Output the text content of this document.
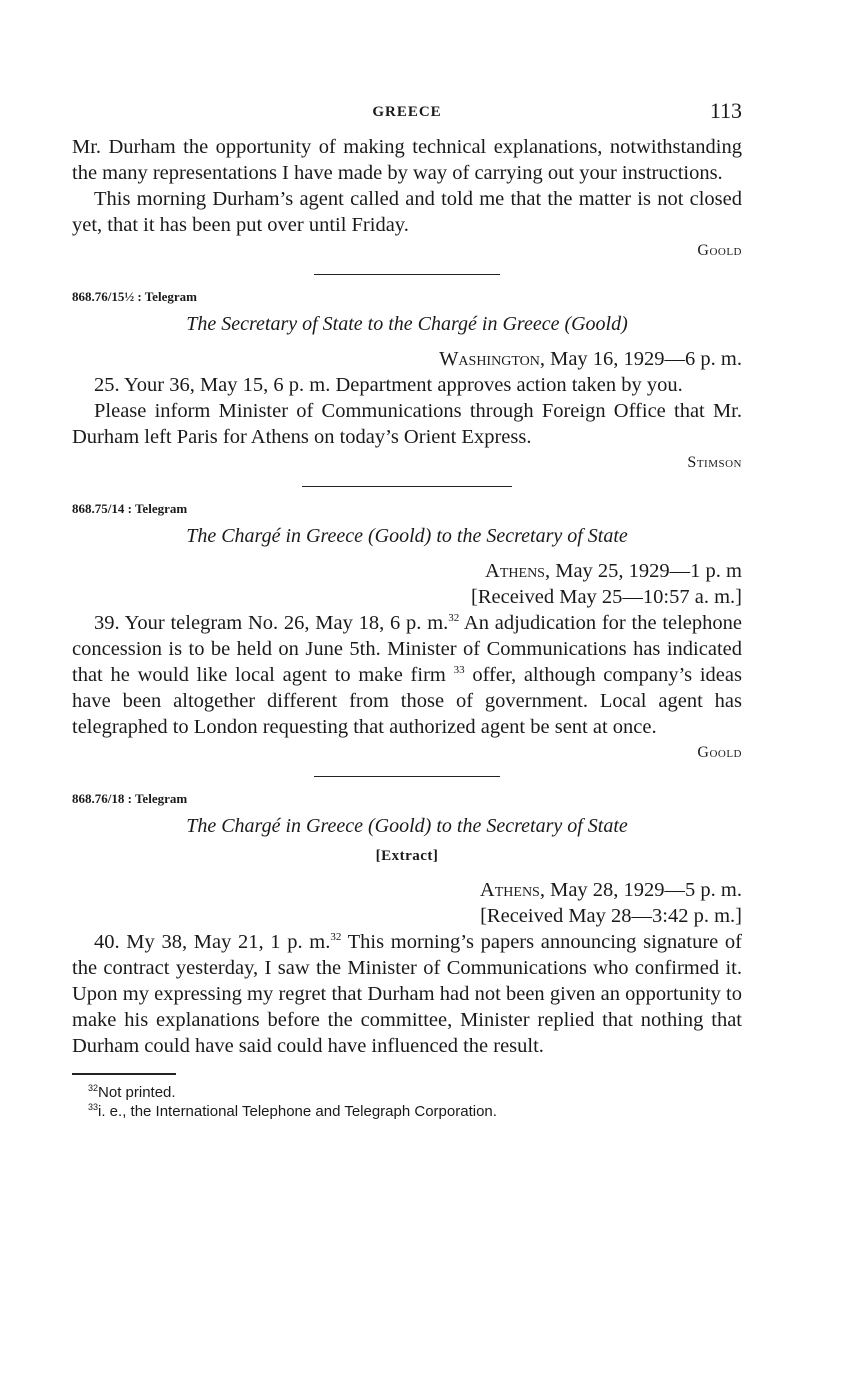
GREECE	113

Mr. Durham the opportunity of making technical explanations, notwithstanding the many representations I have made by way of carrying out your instructions.

This morning Durham’s agent called and told me that the matter is not closed yet, that it has been put over until Friday.

Goold
868.76/15½ : Telegram
The Secretary of State to the Chargé in Greece (Goold)
Washington, May 16, 1929—6 p. m.

25. Your 36, May 15, 6 p. m. Department approves action taken by you.

Please inform Minister of Communications through Foreign Office that Mr. Durham left Paris for Athens on today’s Orient Express.

Stimson
868.75/14 : Telegram
The Chargé in Greece (Goold) to the Secretary of State
Athens, May 25, 1929—1 p. m
[Received May 25—10:57 a. m.]

39. Your telegram No. 26, May 18, 6 p. m.$^{32}$ An adjudication for the telephone concession is to be held on June 5th. Minister of Communications has indicated that he would like local agent to make firm $^{33}$ offer, although company’s ideas have been altogether different from those of government. Local agent has telegraphed to London requesting that authorized agent be sent at once.

Goold
868.76/18 : Telegram
The Chargé in Greece (Goold) to the Secretary of State
[Extract]
Athens, May 28, 1929—5 p. m.
[Received May 28—3:42 p. m.]

40. My 38, May 21, 1 p. m.$^{32}$ This morning’s papers announcing signature of the contract yesterday, I saw the Minister of Communications who confirmed it. Upon my expressing my regret that Durham had not been given an opportunity to make his explanations before the committee, Minister replied that nothing that Durham could have said could have influenced the result.

$^{32}$Not printed.
$^{33}$i. e., the International Telephone and Telegraph Corporation.
